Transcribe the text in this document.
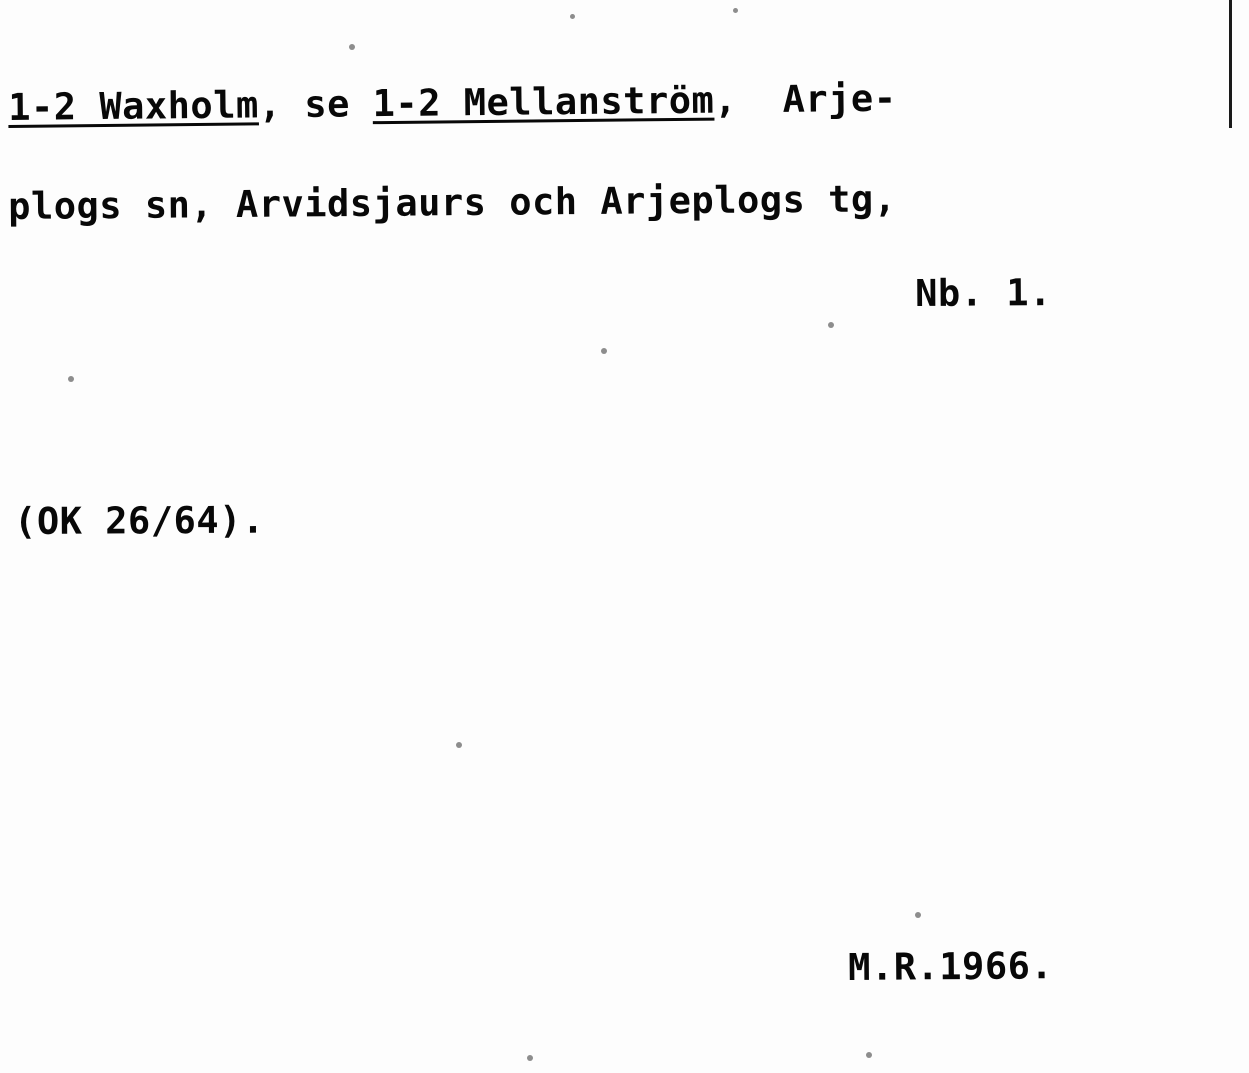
1-2 Waxholm, se 1-2 Mellanström,  Arje-
plogs sn, Arvidsjaurs och Arjeplogs tg,
Nb. 1.
(OK 26/64).
M.R.1966.
